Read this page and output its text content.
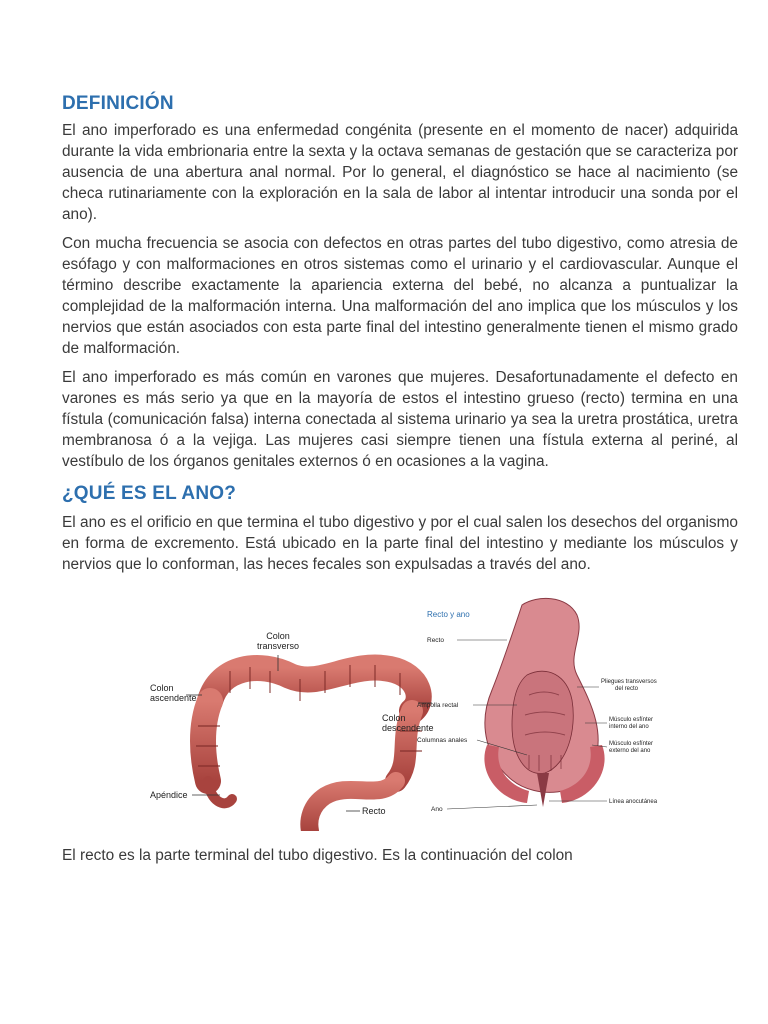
DEFINICIÓN

El ano imperforado es una enfermedad congénita (presente en el momento de nacer) adquirida durante la vida embrionaria entre la sexta y la octava semanas de gestación que se caracteriza por ausencia de una abertura anal normal. Por lo general, el diagnóstico se hace al nacimiento (se checa rutinariamente con la exploración en la sala de labor al intentar introducir una sonda por el ano).

Con mucha frecuencia se asocia con defectos en otras partes del tubo digestivo, como atresia de esófago y con malformaciones en otros sistemas como el urinario y el cardiovascular. Aunque el término describe exactamente la apariencia externa del bebé, no alcanza a puntualizar la complejidad de la malformación interna. Una malformación del ano implica que los músculos y los nervios que están asociados con esta parte final del intestino generalmente tienen el mismo grado de malformación.

El ano imperforado es más común en varones que mujeres. Desafortunadamente el defecto en varones es más serio ya que en la mayoría de estos el intestino grueso (recto) termina en una fístula (comunicación falsa) interna conectada al sistema urinario ya sea la uretra prostática, uretra membranosa ó a la vejiga. Las mujeres casi siempre tienen una fístula externa al periné, al vestíbulo de los órganos genitales externos ó en ocasiones a la vagina.

¿QUÉ ES EL ANO?

El ano es el orificio en que termina el tubo digestivo y por el cual salen los desechos del organismo en forma de excremento. Está ubicado en la parte final del intestino y mediante los músculos y nervios que lo conforman, las heces fecales son expulsadas a través del ano.

Colon
transverso
Colon
ascendente
Colon
descendente
Apéndice
Recto
Recto y ano
Recto
Ampolla rectal
Columnas anales
Ano
Pliegues transversos
del recto
Músculo esfínter
interno del ano
Músculo esfínter
externo del ano
Línea anocutánea

El recto es la parte terminal del tubo digestivo. Es la continuación del colon
